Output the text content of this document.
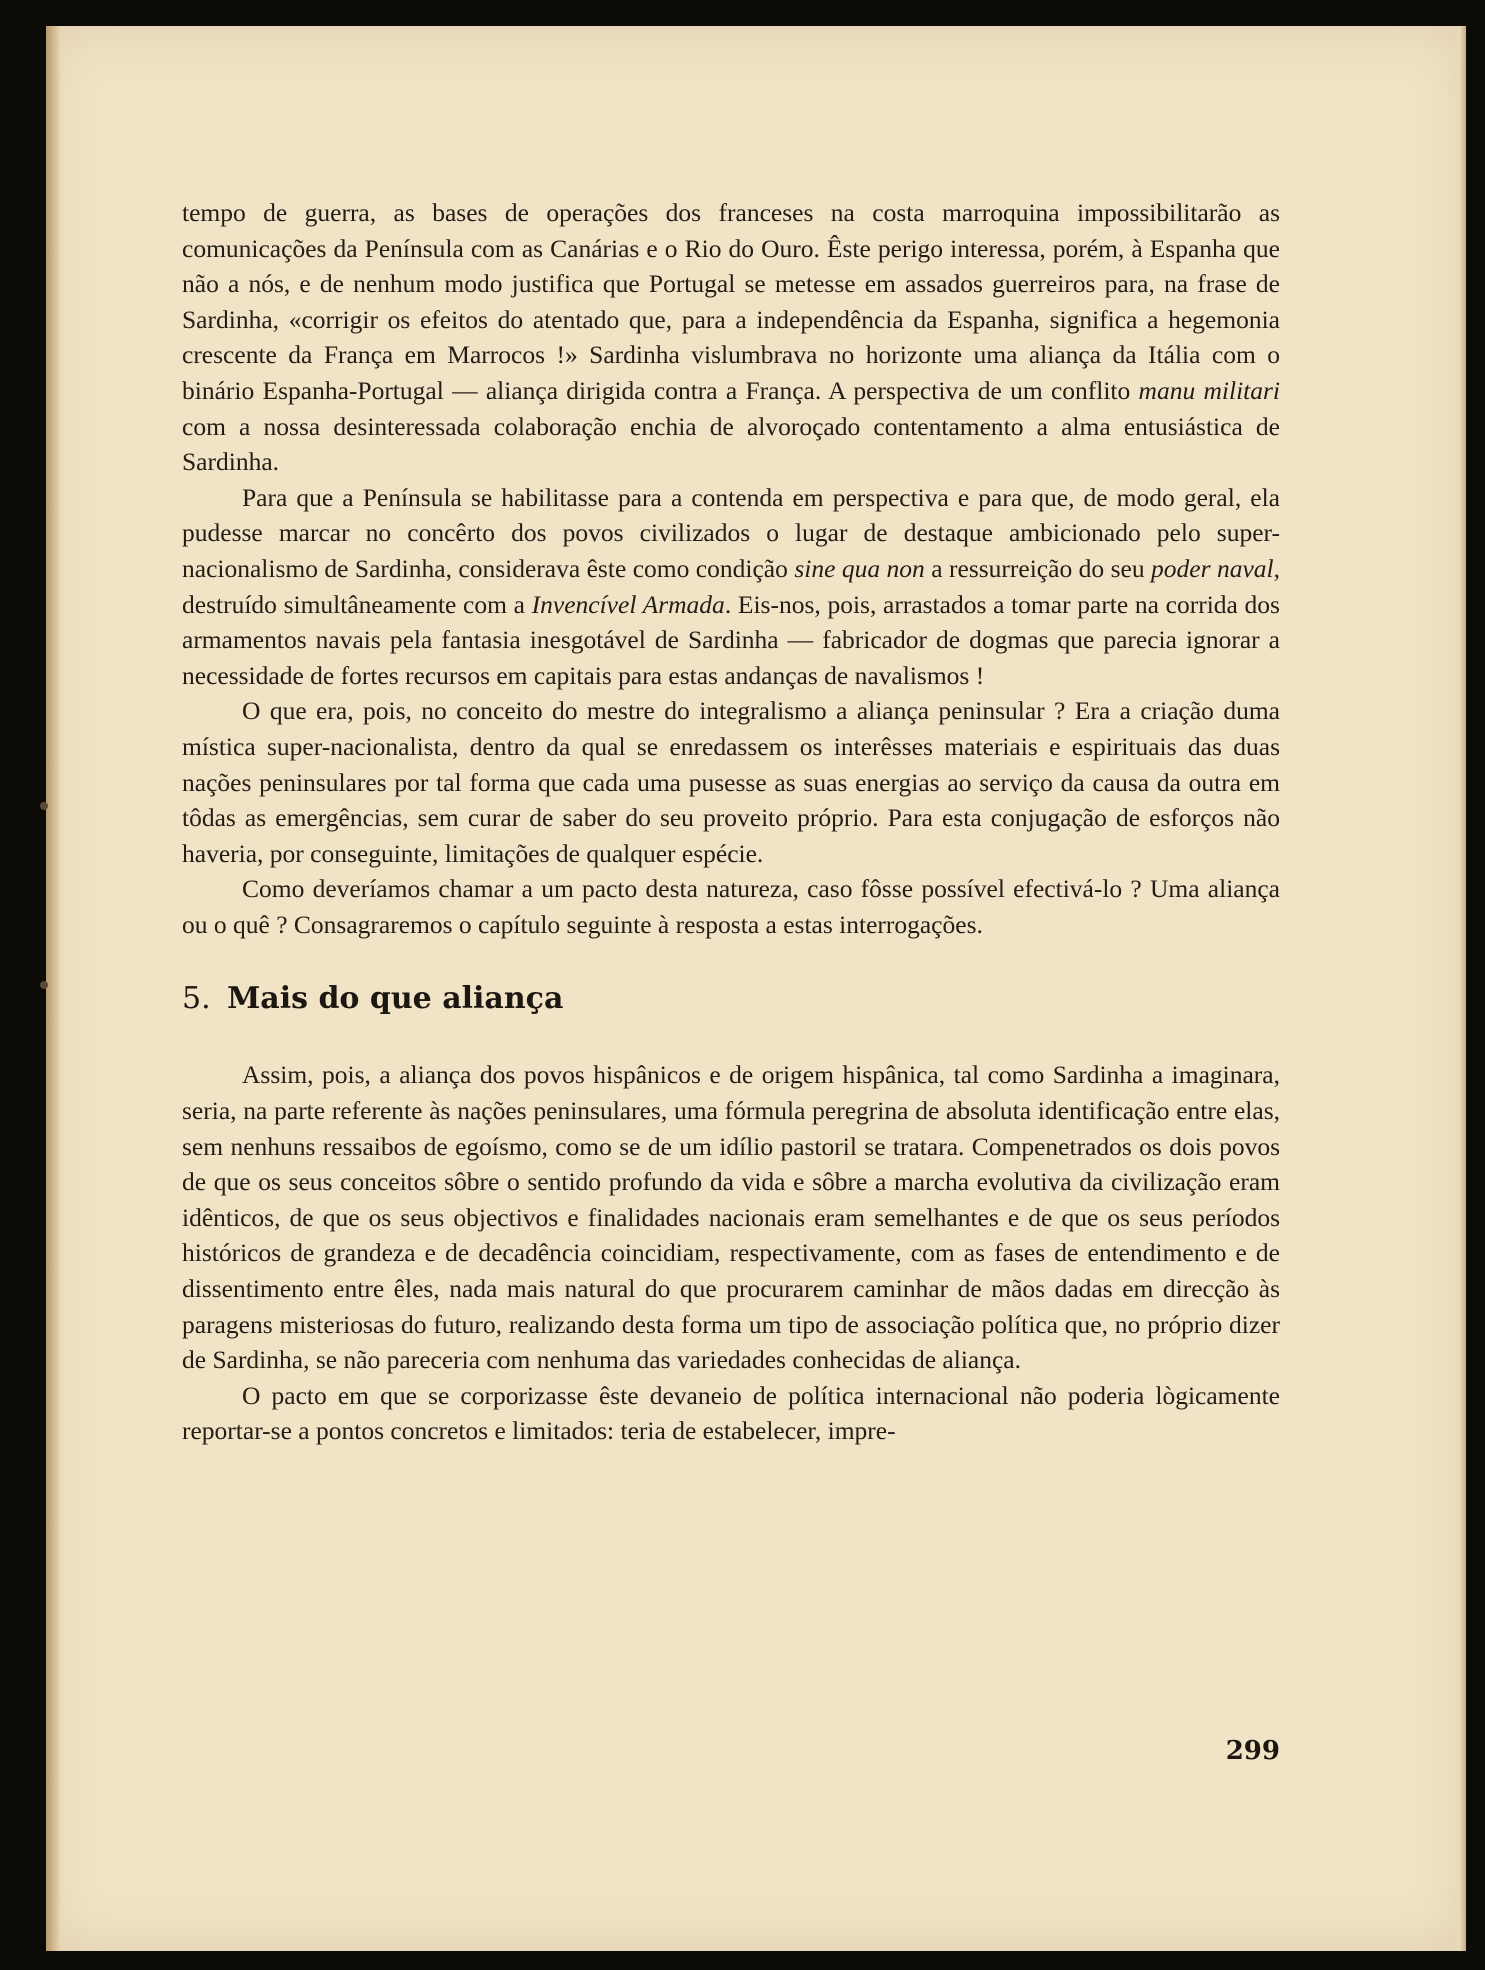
tempo de guerra, as bases de operações dos franceses na costa marroquina impossibilitarão as comunicações da Península com as Canárias e o Rio do Ouro. Êste perigo interessa, porém, à Espanha que não a nós, e de nenhum modo justifica que Portugal se metesse em assados guerreiros para, na frase de Sardinha, «corrigir os efeitos do atentado que, para a independência da Espanha, significa a hegemonia crescente da França em Marrocos !» Sardinha vislumbrava no horizonte uma aliança da Itália com o binário Espanha-Portugal — aliança dirigida contra a França. A perspectiva de um conflito manu militari com a nossa desinteressada colaboração enchia de alvoroçado contentamento a alma entusiástica de Sardinha.

Para que a Península se habilitasse para a contenda em perspectiva e para que, de modo geral, ela pudesse marcar no concêrto dos povos civilizados o lugar de destaque ambicionado pelo super-nacionalismo de Sardinha, considerava êste como condição sine qua non a ressurreição do seu poder naval, destruído simultâneamente com a Invencível Armada. Eis-nos, pois, arrastados a tomar parte na corrida dos armamentos navais pela fantasia inesgotável de Sardinha — fabricador de dogmas que parecia ignorar a necessidade de fortes recursos em capitais para estas andanças de navalismos !

O que era, pois, no conceito do mestre do integralismo a aliança peninsular ? Era a criação duma mística super-nacionalista, dentro da qual se enredassem os interêsses materiais e espirituais das duas nações peninsulares por tal forma que cada uma pusesse as suas energias ao serviço da causa da outra em tôdas as emergências, sem curar de saber do seu proveito próprio. Para esta conjugação de esforços não haveria, por conseguinte, limitações de qualquer espécie.

Como deveríamos chamar a um pacto desta natureza, caso fôsse possível efectivá-lo ? Uma aliança ou o quê ? Consagraremos o capítulo seguinte à resposta a estas interrogações.

5. Mais do que aliança

Assim, pois, a aliança dos povos hispânicos e de origem hispânica, tal como Sardinha a imaginara, seria, na parte referente às nações peninsulares, uma fórmula peregrina de absoluta identificação entre elas, sem nenhuns ressaibos de egoísmo, como se de um idílio pastoril se tratara. Compenetrados os dois povos de que os seus conceitos sôbre o sentido profundo da vida e sôbre a marcha evolutiva da civilização eram idênticos, de que os seus objectivos e finalidades nacionais eram semelhantes e de que os seus períodos históricos de grandeza e de decadência coincidiam, respectivamente, com as fases de entendimento e de dissentimento entre êles, nada mais natural do que procurarem caminhar de mãos dadas em direcção às paragens misteriosas do futuro, realizando desta forma um tipo de associação política que, no próprio dizer de Sardinha, se não pareceria com nenhuma das variedades conhecidas de aliança.

O pacto em que se corporizasse êste devaneio de política internacional não poderia lògicamente reportar-se a pontos concretos e limitados: teria de estabelecer, impre-

299
